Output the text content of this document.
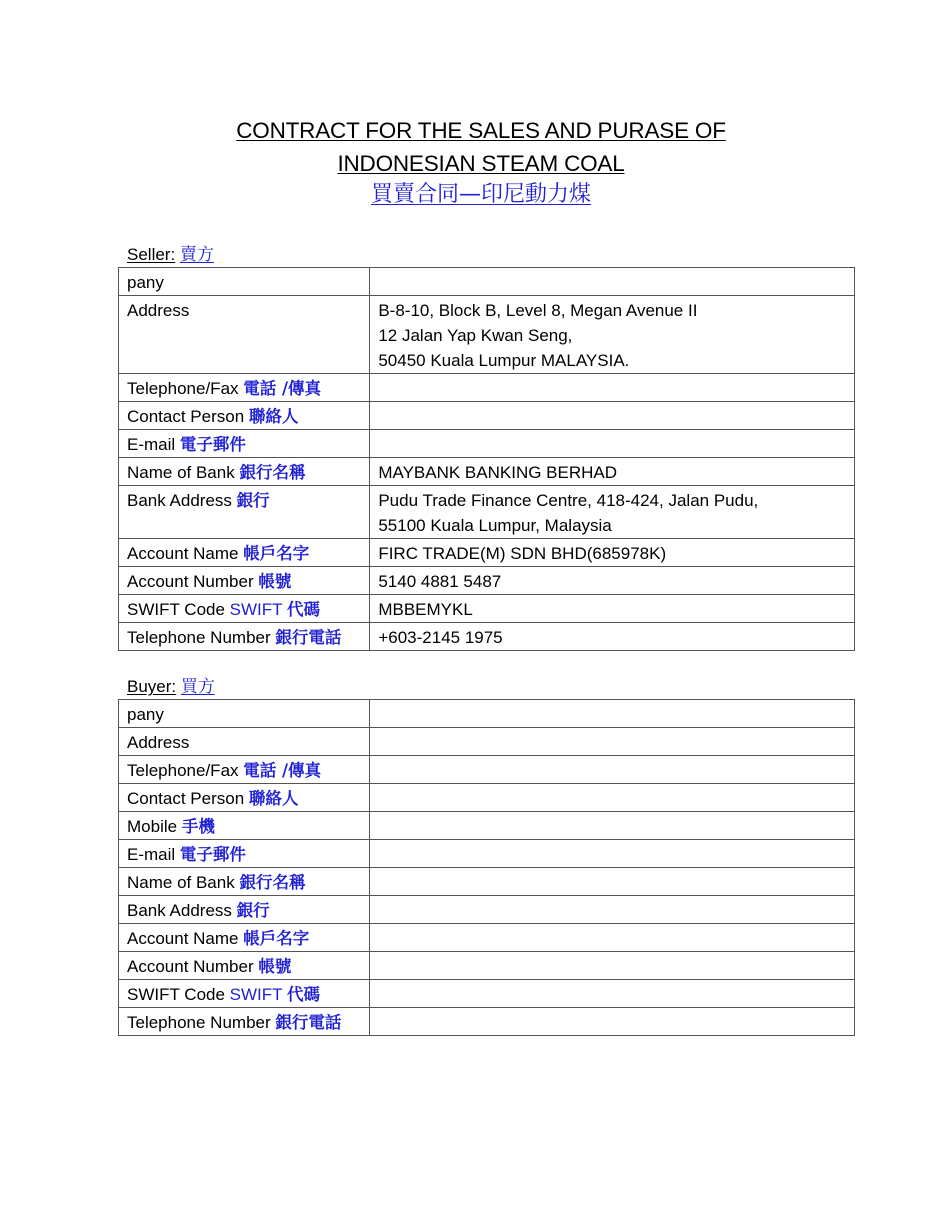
CONTRACT FOR THE SALES AND PURASE OF
INDONESIAN STEAM COAL
買賣合同—印尼動力煤
Seller: 賣方
pany	
Address	B-8-10, Block B, Level 8, Megan Avenue II
12 Jalan Yap Kwan Seng,
50450 Kuala Lumpur MALAYSIA.

Telephone/Fax 電話 /傳真	
Contact Person 聯絡人	
E-mail 電子郵件	
Name of Bank 銀行名稱	MAYBANK BANKING BERHAD

Bank Address 銀行	Pudu Trade Finance Centre, 418-424, Jalan Pudu,
55100 Kuala Lumpur, Malaysia

Account Name 帳戶名字	FIRC TRADE(M) SDN BHD(685978K)

Account Number 帳號	5140 4881 5487

SWIFT Code SWIFT 代碼	MBBEMYKL

Telephone Number 銀行電話	+603-2145 1975
Buyer: 買方
pany	
Address	
Telephone/Fax 電話 /傳真	
Contact Person 聯絡人	
Mobile 手機	
E-mail 電子郵件	
Name of Bank 銀行名稱	
Bank Address 銀行	
Account Name 帳戶名字	
Account Number 帳號	
SWIFT Code SWIFT 代碼	
Telephone Number 銀行電話	
